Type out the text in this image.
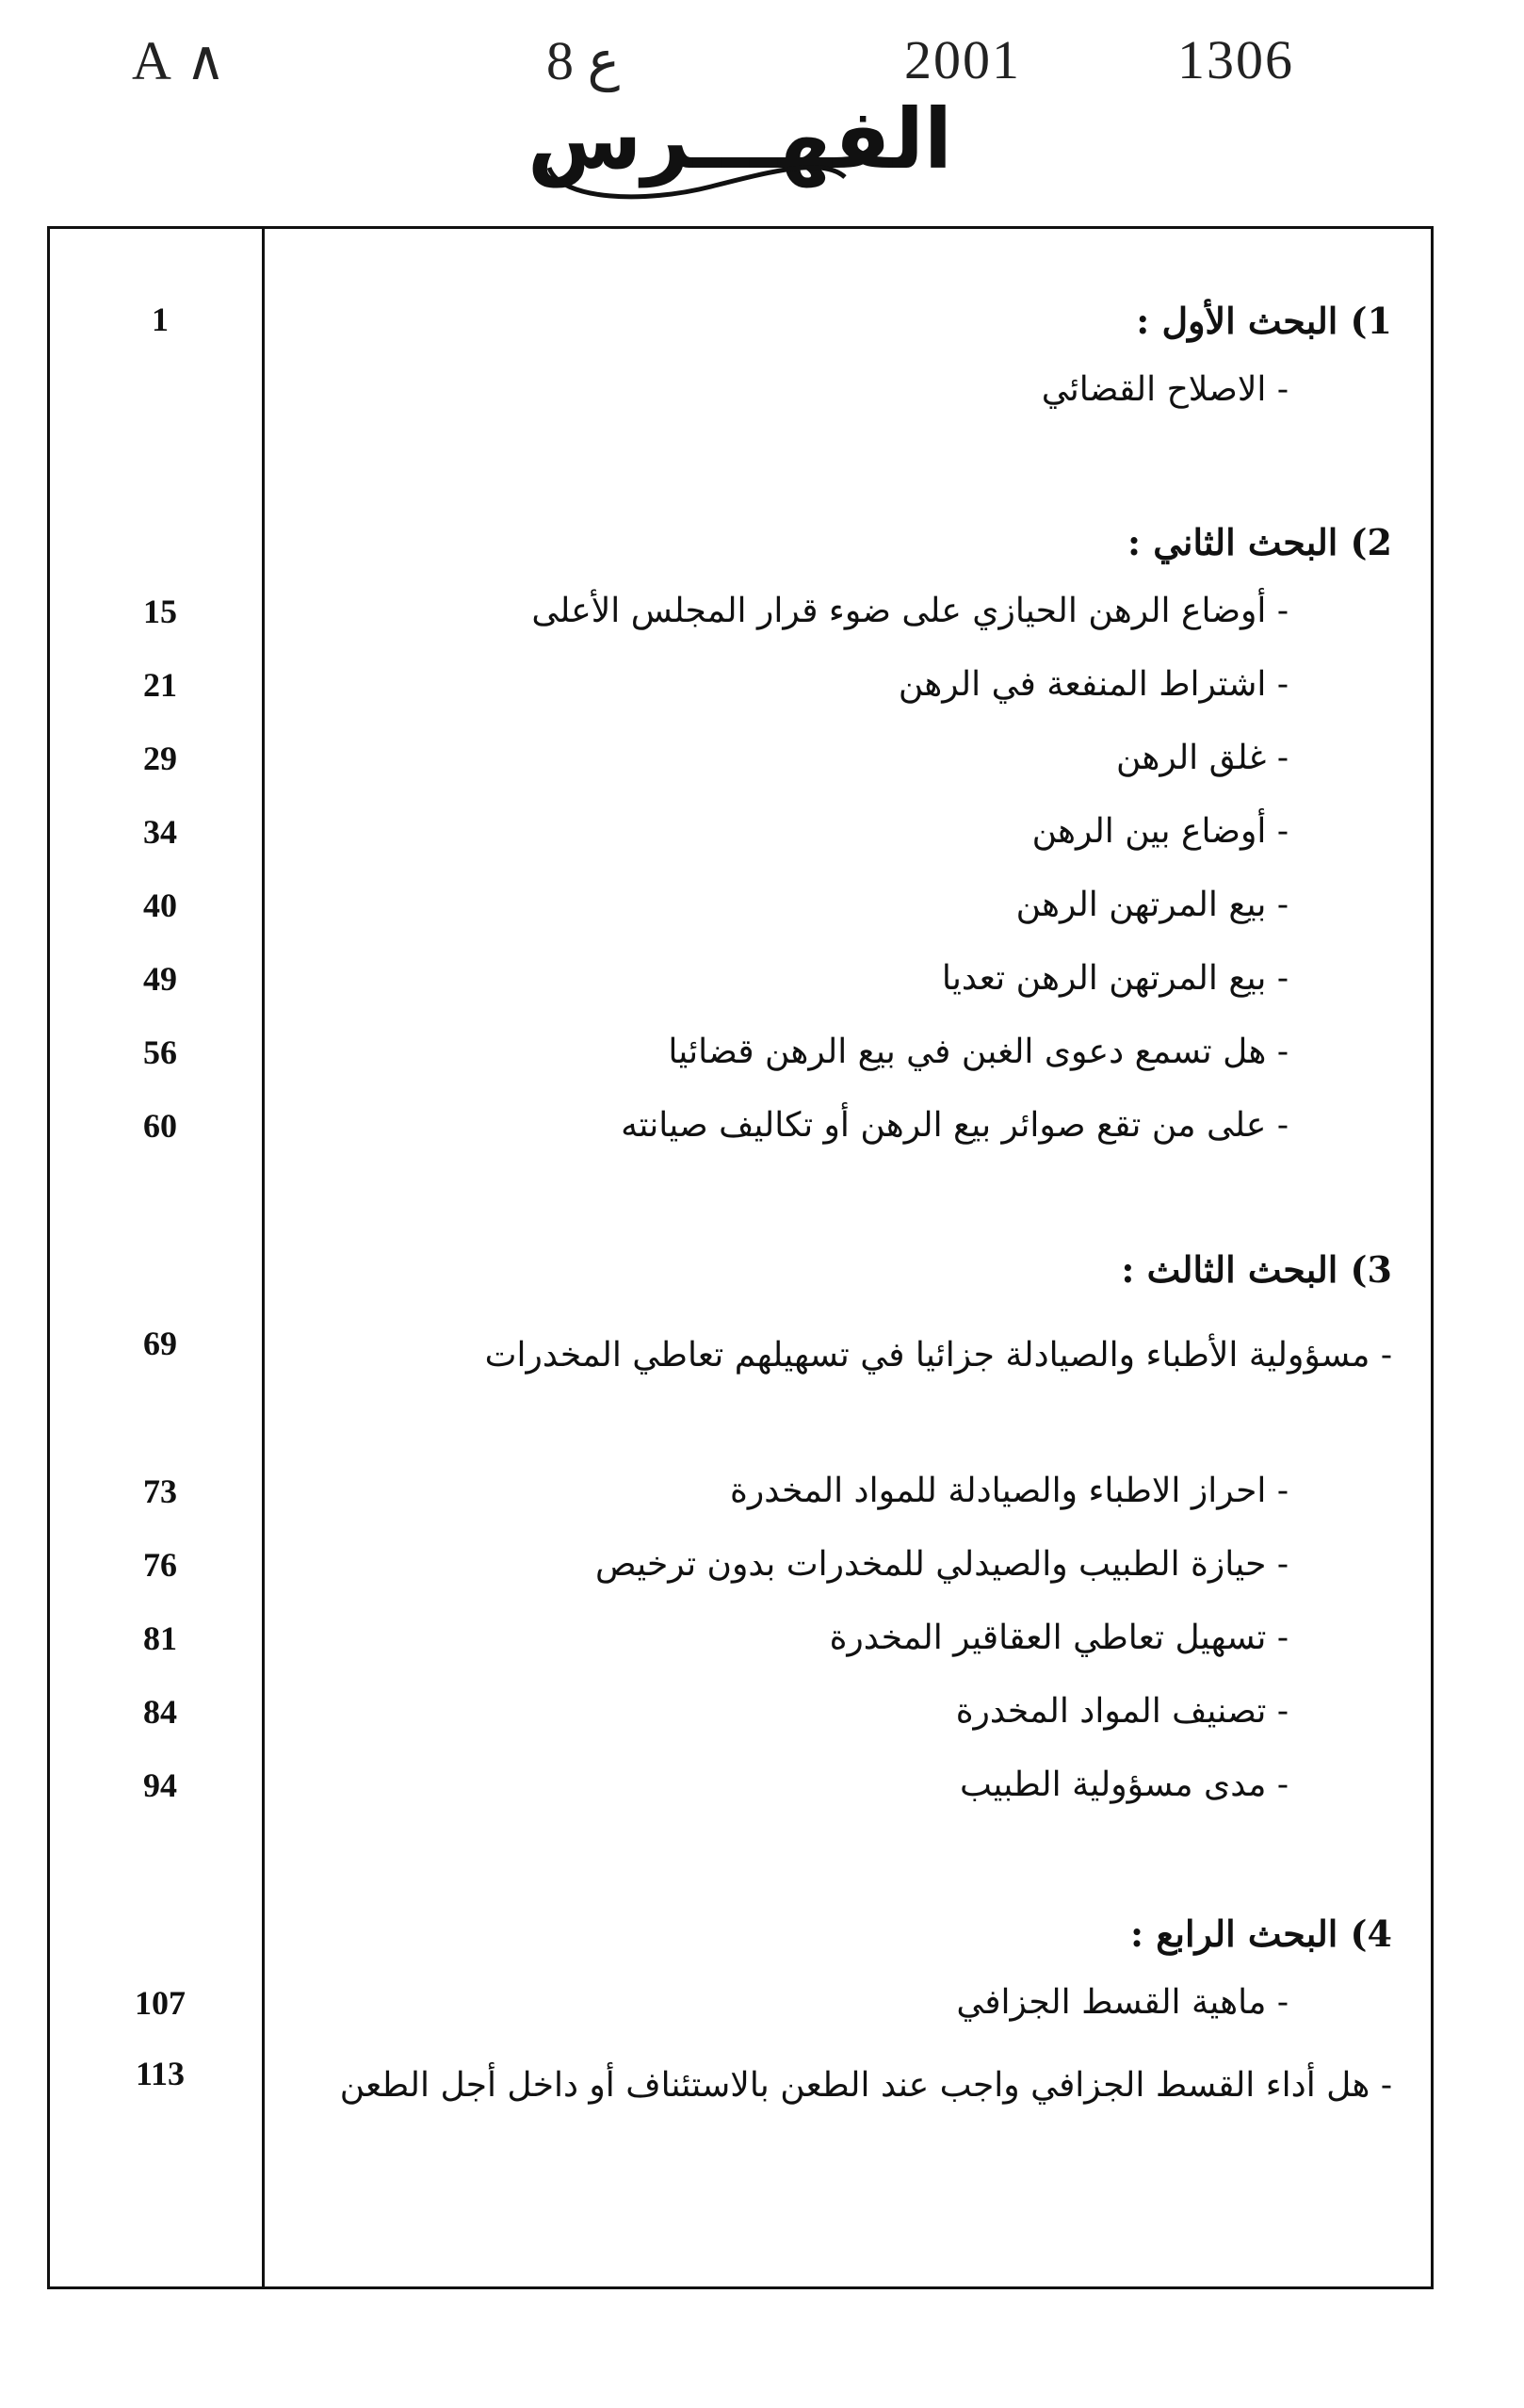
A ∧	8 ع	2001	1306
الفهـــرس
1) البحث الأول :
- الاصلاح القضائي
1
2) البحث الثاني :
- أوضاع الرهن الحيازي على ضوء قرار المجلس الأعلى
15
- اشتراط المنفعة في الرهن
21
- غلق الرهن
29
- أوضاع بين الرهن
34
- بيع المرتهن الرهن
40
- بيع المرتهن الرهن تعديا
49
- هل تسمع دعوى الغبن في بيع الرهن قضائيا
56
- على من تقع صوائر بيع الرهن أو تكاليف صيانته
60
3) البحث الثالث :
- مسؤولية الأطباء والصيادلة جزائيا في تسهيلهم تعاطي المخدرات
69
- احراز الاطباء والصيادلة للمواد المخدرة
73
- حيازة الطبيب والصيدلي للمخدرات بدون ترخيص
76
- تسهيل تعاطي العقاقير المخدرة
81
- تصنيف المواد المخدرة
84
- مدى مسؤولية الطبيب
94
4) البحث الرابع :
- ماهية القسط الجزافي
107
- هل أداء القسط الجزافي واجب عند الطعن بالاستئناف أو داخل أجل الطعن
113
